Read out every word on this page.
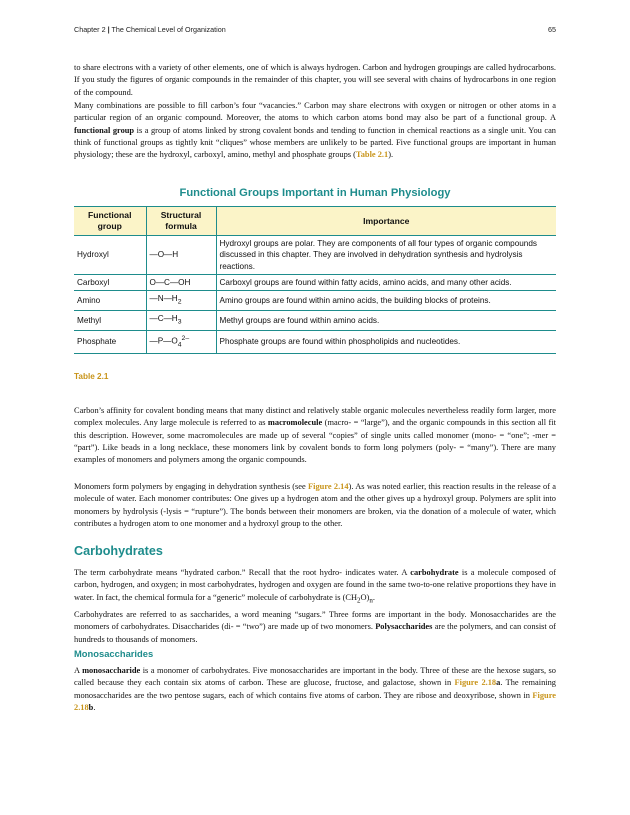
Chapter 2 | The Chemical Level of Organization	65

to share electrons with a variety of other elements, one of which is always hydrogen. Carbon and hydrogen groupings are called hydrocarbons. If you study the figures of organic compounds in the remainder of this chapter, you will see several with chains of hydrocarbons in one region of the compound.

Many combinations are possible to fill carbon’s four “vacancies.” Carbon may share electrons with oxygen or nitrogen or other atoms in a particular region of an organic compound. Moreover, the atoms to which carbon atoms bond may also be part of a functional group. A functional group is a group of atoms linked by strong covalent bonds and tending to function in chemical reactions as a single unit. You can think of functional groups as tightly knit “cliques” whose members are unlikely to be parted. Five functional groups are important in human physiology; these are the hydroxyl, carboxyl, amino, methyl and phosphate groups (Table 2.1).

Functional Groups Important in Human Physiology
Functional group	Structural formula	Importance
Hydroxyl	—O—H	Hydroxyl groups are polar. They are components of all four types of organic compounds discussed in this chapter. They are involved in dehydration synthesis and hydrolysis reactions.
Carboxyl	O—C—OH	Carboxyl groups are found within fatty acids, amino acids, and many other acids.
Amino	$—N—H_2$	Amino groups are found within amino acids, the building blocks of proteins.
Methyl	$—C—H_3$	Methyl groups are found within amino acids.
Phosphate	$—P—O_4^{2-}$	Phosphate groups are found within phospholipids and nucleotides.
Table 2.1

Carbon’s affinity for covalent bonding means that many distinct and relatively stable organic molecules nevertheless readily form larger, more complex molecules. Any large molecule is referred to as macromolecule (macro- = “large”), and the organic compounds in this section all fit this description. However, some macromolecules are made up of several “copies” of single units called monomer (mono- = “one”; -mer = “part”). Like beads in a long necklace, these monomers link by covalent bonds to form long polymers (poly- = “many”). There are many examples of monomers and polymers among the organic compounds.

Monomers form polymers by engaging in dehydration synthesis (see Figure 2.14). As was noted earlier, this reaction results in the release of a molecule of water. Each monomer contributes: One gives up a hydrogen atom and the other gives up a hydroxyl group. Polymers are split into monomers by hydrolysis (-lysis = “rupture”). The bonds between their monomers are broken, via the donation of a molecule of water, which contributes a hydrogen atom to one monomer and a hydroxyl group to the other.

Carbohydrates

The term carbohydrate means “hydrated carbon.” Recall that the root hydro- indicates water. A carbohydrate is a molecule composed of carbon, hydrogen, and oxygen; in most carbohydrates, hydrogen and oxygen are found in the same two-to-one relative proportions they have in water. In fact, the chemical formula for a “generic” molecule of carbohydrate is $(CH_2O)_n$.

Carbohydrates are referred to as saccharides, a word meaning “sugars.” Three forms are important in the body. Monosaccharides are the monomers of carbohydrates. Disaccharides (di- = “two”) are made up of two monomers. Polysaccharides are the polymers, and can consist of hundreds to thousands of monomers.

Monosaccharides

A monosaccharide is a monomer of carbohydrates. Five monosaccharides are important in the body. Three of these are the hexose sugars, so called because they each contain six atoms of carbon. These are glucose, fructose, and galactose, shown in Figure 2.18a. The remaining monosaccharides are the two pentose sugars, each of which contains five atoms of carbon. They are ribose and deoxyribose, shown in Figure 2.18b.
